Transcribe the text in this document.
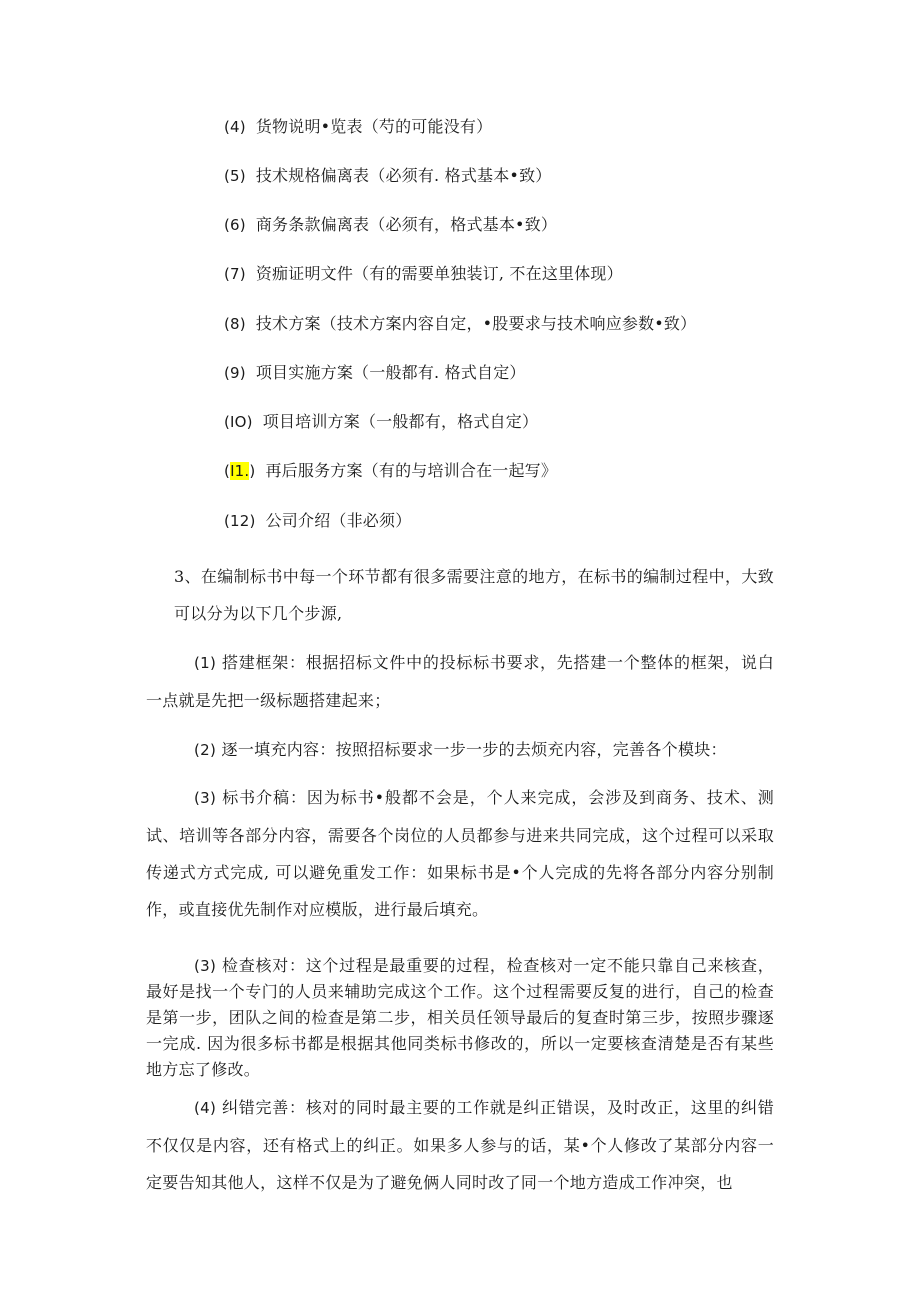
(4) 货物说明•览表（芍的可能没有）
(5) 技术规格偏离表（必须有. 格式基本•致）
(6) 商务条款偏离表（必须有，格式基本•致）
(7) 资痂证明文件（有的需要单独装订, 不在这里体现）
(8) 技术方案（技术方案内容自定，•股要求与技术响应参数•致）
(9) 项目实施方案（一般都有. 格式自定）
(IO) 项目培训方案（一般都有，格式自定）
(I1.) 再后服务方案（有的与培训合在一起写》
(12) 公司介绍（非必须）
3、在编制标书中每一个环节都有很多需要注意的地方，在标书的编制过程中，大致可以分为以下几个步源,
(1) 搭建框架：根据招标文件中的投标标书要求，先搭建一个整体的框架，说白一点就是先把一级标题搭建起来；
(2) 逐一填充内容：按照招标要求一步一步的去烦充内容，完善各个模块：
(3) 标书介稿：因为标书•般都不会是，个人来完成，会涉及到商务、技术、测试、培训等各部分内容，需要各个岗位的人员都参与进来共同完成，这个过程可以采取传递式方式完成, 可以避免重发工作：如果标书是•个人完成的先将各部分内容分别制作，或直接优先制作对应模版，进行最后填充。
(3) 检查核对：这个过程是最重要的过程，检查核对一定不能只靠自己来核查，最好是找一个专门的人员来辅助完成这个工作。这个过程需要反复的进行，自己的检查是第一步，团队之间的检查是第二步，相关员任领导最后的复查时第三步，按照步骤逐一完成. 因为很多标书都是根据其他同类标书修改的，所以一定要核查清楚是否有某些地方忘了修改。
(4) 纠错完善：核对的同时最主要的工作就是纠正错误，及时改正，这里的纠错不仅仅是内容，还有格式上的纠正。如果多人参与的话，某•个人修改了某部分内容一定要告知其他人，这样不仅是为了避免俩人同时改了同一个地方造成工作冲突，也
